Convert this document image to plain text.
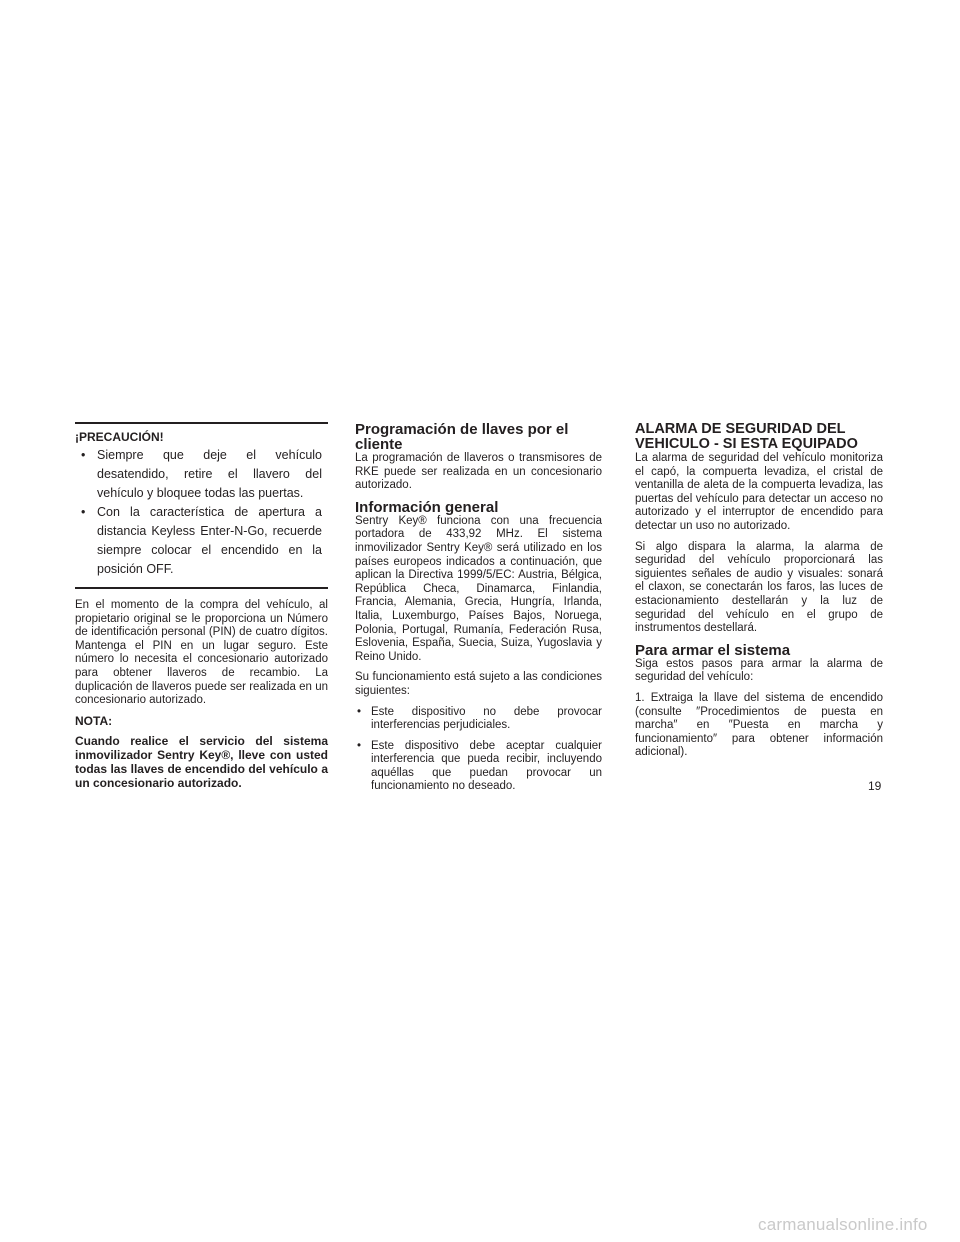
¡PRECAUCIÓN!
• Siempre que deje el vehículo desatendido, retire el llavero del vehículo y bloquee todas las puertas.
• Con la característica de apertura a distancia Keyless Enter-N-Go, recuerde siempre colocar el encendido en la posición OFF.

En el momento de la compra del vehículo, al propietario original se le proporciona un Número de identificación personal (PIN) de cuatro dígitos. Mantenga el PIN en un lugar seguro. Este número lo necesita el concesionario autorizado para obtener llaveros de recambio. La duplicación de llaveros puede ser realizada en un concesionario autorizado.

NOTA:

Cuando realice el servicio del sistema inmovilizador Sentry Key®, lleve con usted todas las llaves de encendido del vehículo a un concesionario autorizado.

Programación de llaves por el cliente

La programación de llaveros o transmisores de RKE puede ser realizada en un concesionario autorizado.

Información general

Sentry Key® funciona con una frecuencia portadora de 433,92 MHz. El sistema inmovilizador Sentry Key® será utilizado en los países europeos indicados a continuación, que aplican la Directiva 1999/5/EC: Austria, Bélgica, República Checa, Dinamarca, Finlandia, Francia, Alemania, Grecia, Hungría, Irlanda, Italia, Luxemburgo, Países Bajos, Noruega, Polonia, Portugal, Rumanía, Federación Rusa, Eslovenia, España, Suecia, Suiza, Yugoslavia y Reino Unido.

Su funcionamiento está sujeto a las condiciones siguientes:

• Este dispositivo no debe provocar interferencias perjudiciales.
• Este dispositivo debe aceptar cualquier interferencia que pueda recibir, incluyendo aquéllas que puedan provocar un funcionamiento no deseado.
ALARMA DE SEGURIDAD DEL VEHICULO - SI ESTA EQUIPADO

La alarma de seguridad del vehículo monitoriza el capó, la compuerta levadiza, el cristal de ventanilla de aleta de la compuerta levadiza, las puertas del vehículo para detectar un acceso no autorizado y el interruptor de encendido para detectar un uso no autorizado.

Si algo dispara la alarma, la alarma de seguridad del vehículo proporcionará las siguientes señales de audio y visuales: sonará el claxon, se conectarán los faros, las luces de estacionamiento destellarán y la luz de seguridad del vehículo en el grupo de instrumentos destellará.

Para armar el sistema

Siga estos pasos para armar la alarma de seguridad del vehículo:

1. Extraiga la llave del sistema de encendido (consulte ″Procedimientos de puesta en marcha″ en ″Puesta en marcha y funcionamiento″ para obtener información adicional).

19
carmanualsonline.info
